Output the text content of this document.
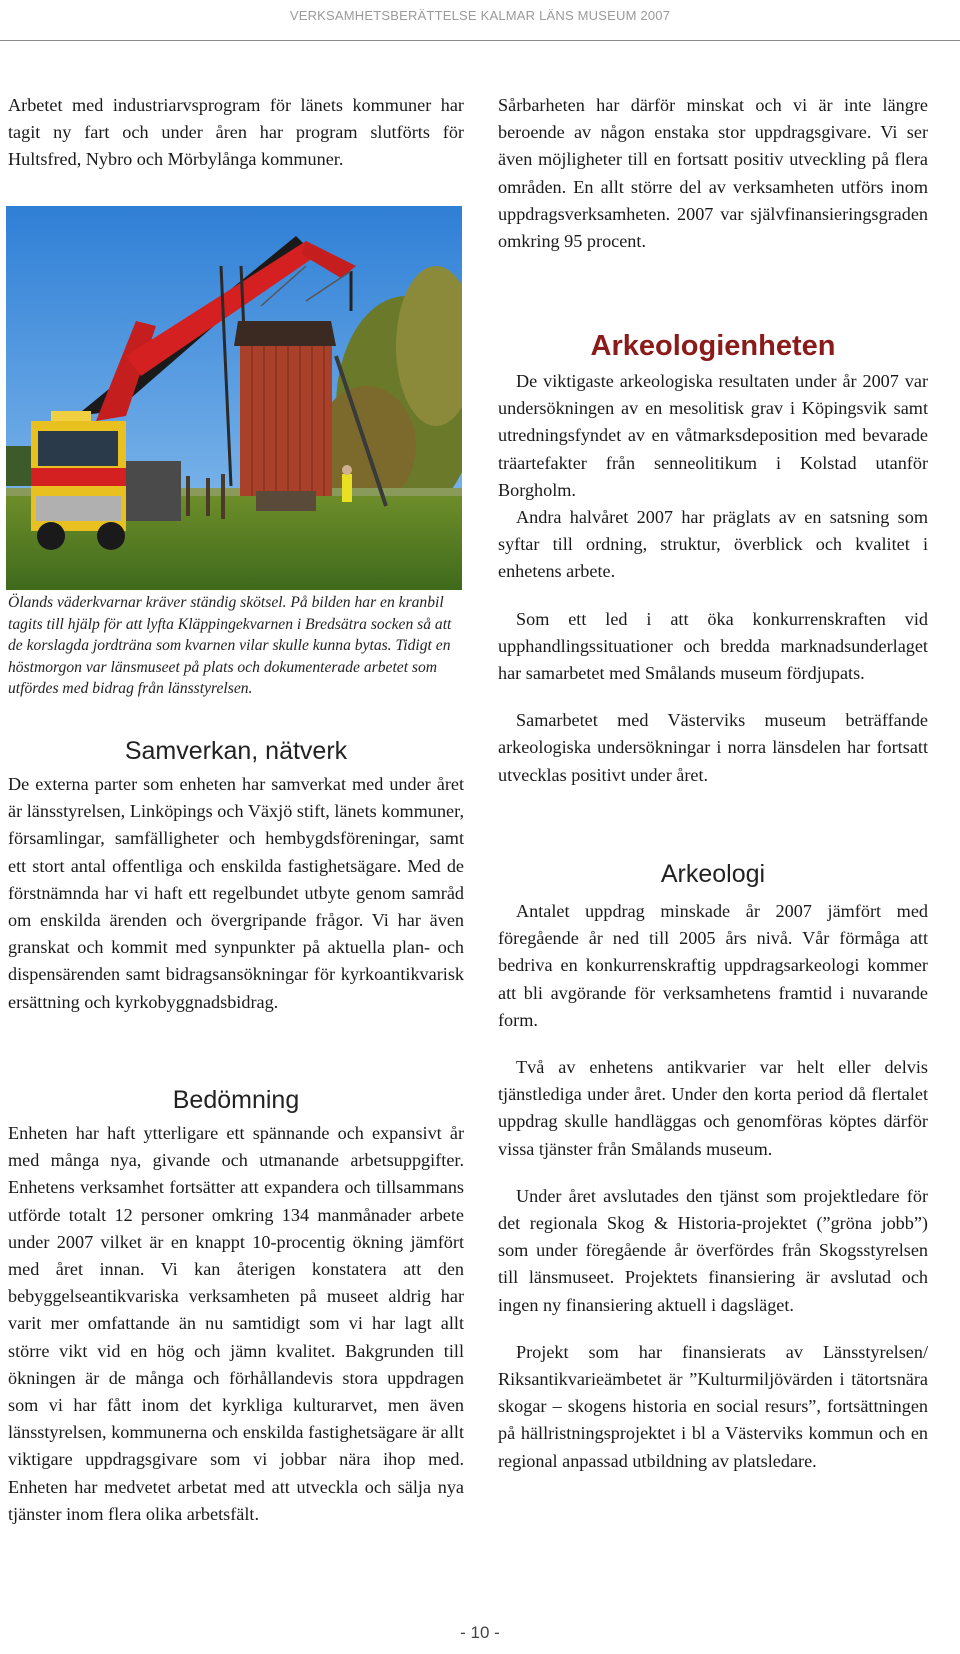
VERKSAMHETSBERÄTTELSE KALMAR LÄNS MUSEUM 2007

Arbetet med industriarvsprogram för länets kommuner har tagit ny fart och under åren har program slutförts för Hultsfred, Nybro och Mörbylånga kommuner.

Ölands väderkvarnar kräver ständig skötsel. På bilden har en kranbil tagits till hjälp för att lyfta Kläppingekvarnen i Bredsätra socken så att de korslagda jordträna som kvarnen vilar skulle kunna bytas. Tidigt en höstmorgon var länsmuseet på plats och dokumenterade arbetet som utfördes med bidrag från länsstyrelsen.

Samverkan, nätverk

De externa parter som enheten har samverkat med under året är länsstyrelsen, Linköpings och Växjö stift, länets kommuner, församlingar, samfälligheter och hembygdsföreningar, samt ett stort antal offentliga och enskilda fastighetsägare. Med de förstnämnda har vi haft ett regelbundet utbyte genom samråd om enskilda ärenden och övergripande frågor. Vi har även granskat och kommit med synpunkter på aktuella plan- och dispensärenden samt bidragsansökningar för kyrkoantikvarisk ersättning och kyrkobyggnadsbidrag.

Bedömning

Enheten har haft ytterligare ett spännande och expansivt år med många nya, givande och utmanande arbetsuppgifter. Enhetens verksamhet fortsätter att expandera och tillsammans utförde totalt 12 personer omkring 134 manmånader arbete under 2007 vilket är en knappt 10-procentig ökning jämfört med året innan. Vi kan återigen konstatera att den bebyggelseantikvariska verksamheten på museet aldrig har varit mer omfattande än nu samtidigt som vi har lagt allt större vikt vid en hög och jämn kvalitet. Bakgrunden till ökningen är de många och förhållandevis stora uppdragen som vi har fått inom det kyrkliga kulturarvet, men även länsstyrelsen, kommunerna och enskilda fastighetsägare är allt viktigare uppdragsgivare som vi jobbar nära ihop med. Enheten har medvetet arbetat med att utveckla och sälja nya tjänster inom flera olika arbetsfält.

Sårbarheten har därför minskat och vi är inte längre beroende av någon enstaka stor uppdragsgivare. Vi ser även möjligheter till en fortsatt positiv utveckling på flera områden. En allt större del av verksamheten utförs inom uppdragsverksamheten. 2007 var självfinansieringsgraden omkring 95 procent.

Arkeologienheten

De viktigaste arkeologiska resultaten under år 2007 var undersökningen av en mesolitisk grav i Köpingsvik samt utredningsfyndet av en våtmarksdeposition med bevarade träartefakter från senneolitikum i Kolstad utanför Borgholm.

Andra halvåret 2007 har präglats av en satsning som syftar till ordning, struktur, överblick och kvalitet i enhetens arbete.

Som ett led i att öka konkurrenskraften vid upphandlingssituationer och bredda marknadsunderlaget har samarbetet med Smålands museum fördjupats.

Samarbetet med Västerviks museum beträffande arkeologiska undersökningar i norra länsdelen har fortsatt utvecklas positivt under året.

Arkeologi

Antalet uppdrag minskade år 2007 jämfört med föregående år ned till 2005 års nivå. Vår förmåga att bedriva en konkurrenskraftig uppdragsarkeologi kommer att bli avgörande för verksamhetens framtid i nuvarande form.

Två av enhetens antikvarier var helt eller delvis tjänstlediga under året. Under den korta period då flertalet uppdrag skulle handläggas och genomföras köptes därför vissa tjänster från Smålands museum.

Under året avslutades den tjänst som projektledare för det regionala Skog & Historia-projektet (”gröna jobb”) som under föregående år överfördes från Skogsstyrelsen till länsmuseet. Projektets finansiering är avslutad och ingen ny finansiering aktuell i dagsläget.

Projekt som har finansierats av Länsstyrelsen/ Riksantikvarieämbetet är ”Kulturmiljövärden i tätortsnära skogar – skogens historia en social resurs”, fortsättningen på hällristningsprojektet i bl a Västerviks kommun och en regional anpassad utbildning av platsledare.

- 10 -
